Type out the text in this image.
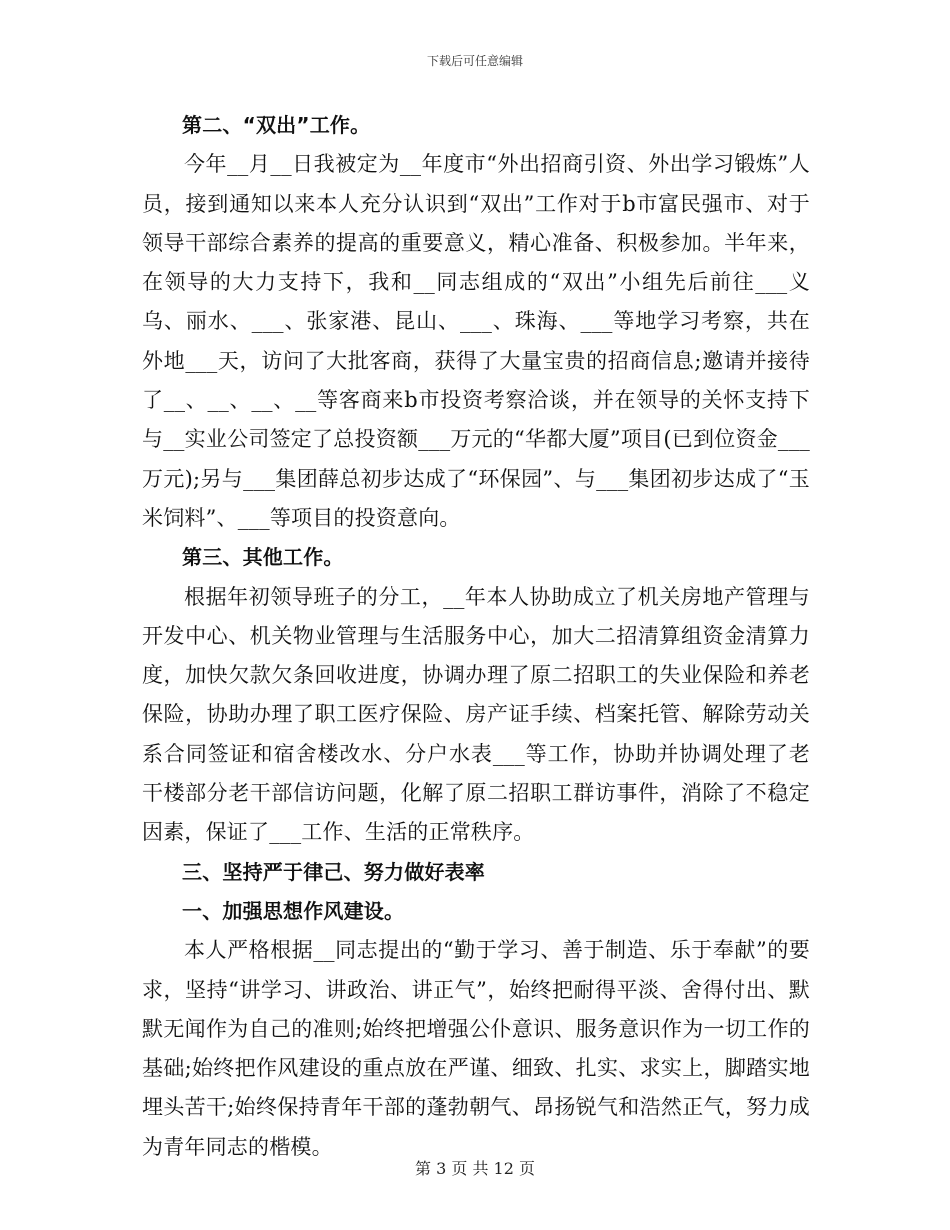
下载后可任意编辑

第二、“双出”工作。

今年__月__日我被定为__年度市“外出招商引资、外出学习锻炼”人员，接到通知以来本人充分认识到“双出”工作对于b市富民强市、对于领导干部综合素养的提高的重要意义，精心准备、积极参加。半年来，在领导的大力支持下，我和__同志组成的“双出”小组先后前往___义乌、丽水、___、张家港、昆山、___、珠海、___等地学习考察，共在外地___天，访问了大批客商，获得了大量宝贵的招商信息;邀请并接待了__、__、__、__等客商来b市投资考察洽谈，并在领导的关怀支持下与__实业公司签定了总投资额___万元的“华都大厦”项目(已到位资金___万元);另与___集团薛总初步达成了“环保园”、与___集团初步达成了“玉米饲料”、___等项目的投资意向。

第三、其他工作。

根据年初领导班子的分工，__年本人协助成立了机关房地产管理与开发中心、机关物业管理与生活服务中心，加大二招清算组资金清算力度，加快欠款欠条回收进度，协调办理了原二招职工的失业保险和养老保险，协助办理了职工医疗保险、房产证手续、档案托管、解除劳动关系合同签证和宿舍楼改水、分户水表___等工作，协助并协调处理了老干楼部分老干部信访问题，化解了原二招职工群访事件，消除了不稳定因素，保证了___工作、生活的正常秩序。

三、坚持严于律己、努力做好表率

一、加强思想作风建设。

本人严格根据__同志提出的“勤于学习、善于制造、乐于奉献”的要求，坚持“讲学习、讲政治、讲正气”，始终把耐得平淡、舍得付出、默默无闻作为自己的准则;始终把增强公仆意识、服务意识作为一切工作的基础;始终把作风建设的重点放在严谨、细致、扎实、求实上，脚踏实地埋头苦干;始终保持青年干部的蓬勃朝气、昂扬锐气和浩然正气，努力成为青年同志的楷模。

第 3 页 共 12 页
